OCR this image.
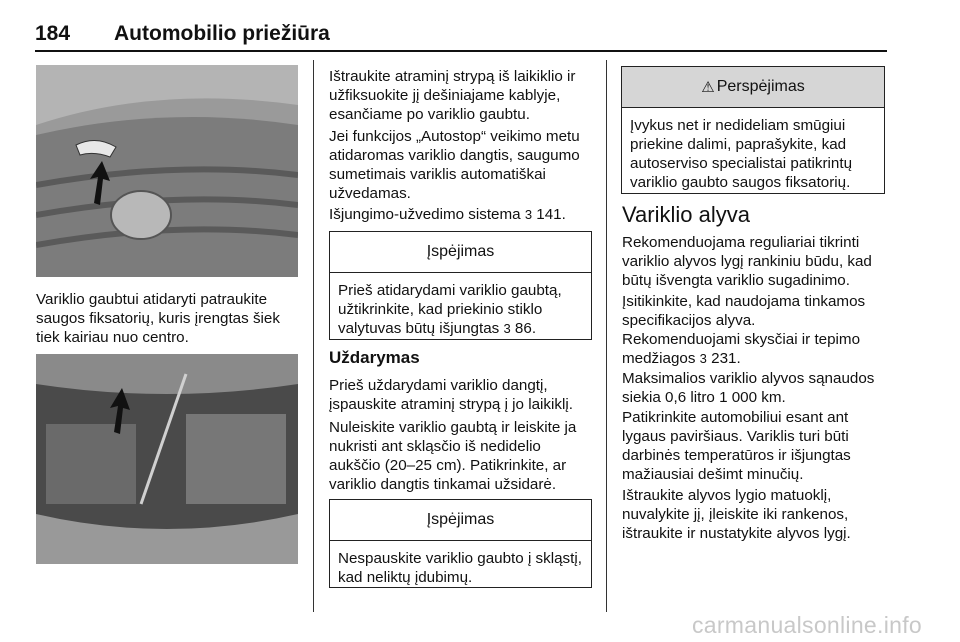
184 Automobilio priežiūra

Variklio gaubtui atidaryti patraukite saugos fiksatorių, kuris įrengtas šiek tiek kairiau nuo centro.

Ištraukite atraminį strypą iš laikiklio ir užfiksuokite jį dešiniajame kablyje, esančiame po variklio gaubtu.

Jei funkcijos „Autostop“ veikimo metu atidaromas variklio dangtis, saugumo sumetimais variklis automatiškai užvedamas.

Išjungimo-užvedimo sistema 3 141.

Įspėjimas
Prieš atidarydami variklio gaubtą, užtikrinkite, kad priekinio stiklo valytuvas būtų išjungtas 3 86.
Uždarymas

Prieš uždarydami variklio dangtį, įspauskite atraminį strypą į jo laikiklį.

Nuleiskite variklio gaubtą ir leiskite ja nukristi ant skląsčio iš nedidelio aukščio (20–25 cm). Patikrinkite, ar variklio dangtis tinkamai užsidarė.

Įspėjimas
Nespauskite variklio gaubto į skląstį, kad neliktų įdubimų.
⚠ Perspėjimas
Įvykus net ir nedideliam smūgiui priekine dalimi, paprašykite, kad autoserviso specialistai patikrintų variklio gaubto saugos fiksatorių.
Variklio alyva

Rekomenduojama reguliariai tikrinti variklio alyvos lygį rankiniu būdu, kad būtų išvengta variklio sugadinimo.

Įsitikinkite, kad naudojama tinkamos specifikacijos alyva.

Rekomenduojami skysčiai ir tepimo medžiagos 3 231.

Maksimalios variklio alyvos sąnaudos siekia 0,6 litro 1 000 km.

Patikrinkite automobiliui esant ant lygaus paviršiaus. Variklis turi būti darbinės temperatūros ir išjungtas mažiausiai dešimt minučių.

Ištraukite alyvos lygio matuoklį, nuvalykite jį, įleiskite iki rankenos, ištraukite ir nustatykite alyvos lygį.

carmanualsonline.info
